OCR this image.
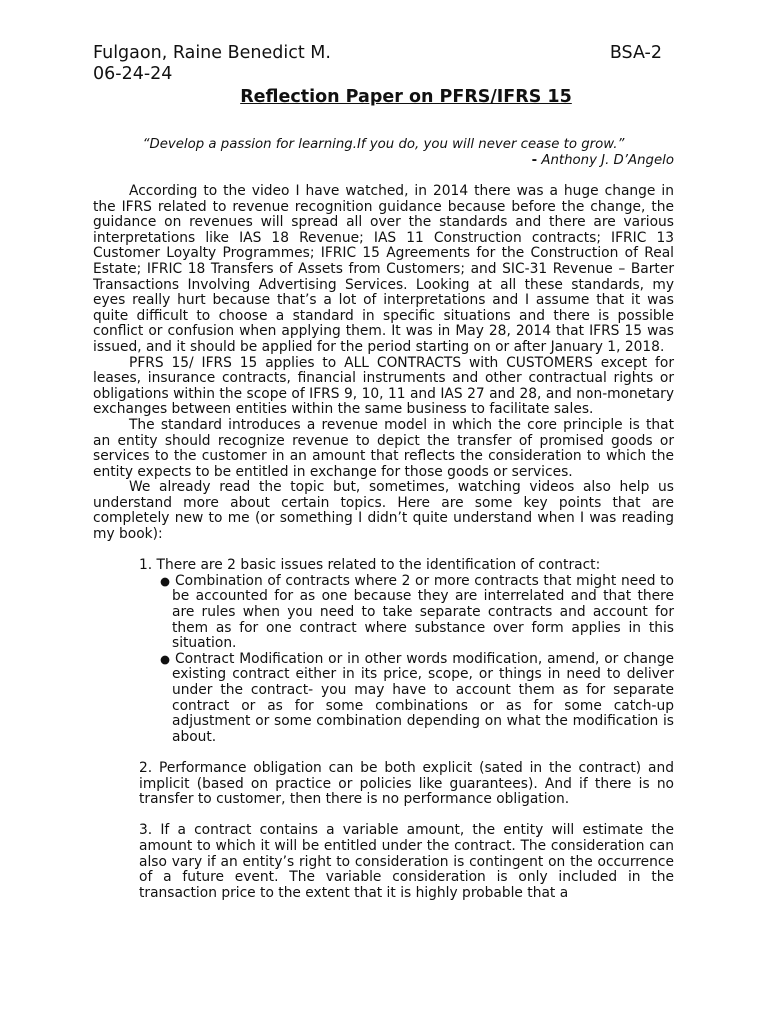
Fulgaon, Raine Benedict M.
06-24-24
BSA-2
Reflection Paper on PFRS/IFRS 15
“Develop a passion for learning.If you do, you will never cease to grow.”
- Anthony J. D’Angelo

According to the video I have watched, in 2014 there was a huge change in the IFRS related to revenue recognition guidance because before the change, the guidance on revenues will spread all over the standards and there are various interpretations like IAS 18 Revenue; IAS 11 Construction contracts; IFRIC 13 Customer Loyalty Programmes; IFRIC 15 Agreements for the Construction of Real Estate; IFRIC 18 Transfers of Assets from Customers; and SIC-31 Revenue – Barter Transactions Involving Advertising Services. Looking at all these standards, my eyes really hurt because that’s a lot of interpretations and I assume that it was quite difficult to choose a standard in specific situations and there is possible conflict or confusion when applying them. It was in May 28, 2014 that IFRS 15 was issued, and it should be applied for the period starting on or after January 1, 2018.

PFRS 15/ IFRS 15 applies to ALL CONTRACTS with CUSTOMERS except for leases, insurance contracts, financial instruments and other contractual rights or obligations within the scope of IFRS 9, 10, 11 and IAS 27 and 28, and non-monetary exchanges between entities within the same business to facilitate sales.

The standard introduces a revenue model in which the core principle is that an entity should recognize revenue to depict the transfer of promised goods or services to the customer in an amount that reflects the consideration to which the entity expects to be entitled in exchange for those goods or services.

We already read the topic but, sometimes, watching videos also help us understand more about certain topics. Here are some key points that are completely new to me (or something I didn’t quite understand when I was reading my book):

1. There are 2 basic issues related to the identification of contract:

● Combination of contracts where 2 or more contracts that might need to be accounted for as one because they are interrelated and that there are rules when you need to take separate contracts and account for them as for one contract where substance over form applies in this situation.
● Contract Modification or in other words modification, amend, or change existing contract either in its price, scope, or things in need to deliver under the contract- you may have to account them as for separate contract or as for some combinations or as for some catch-up adjustment or some combination depending on what the modification is about.

2. Performance obligation can be both explicit (sated in the contract) and implicit (based on practice or policies like guarantees). And if there is no transfer to customer, then there is no performance obligation.

3. If a contract contains a variable amount, the entity will estimate the amount to which it will be entitled under the contract. The consideration can also vary if an entity’s right to consideration is contingent on the occurrence of a future event. The variable consideration is only included in the transaction price to the extent that it is highly probable that a
